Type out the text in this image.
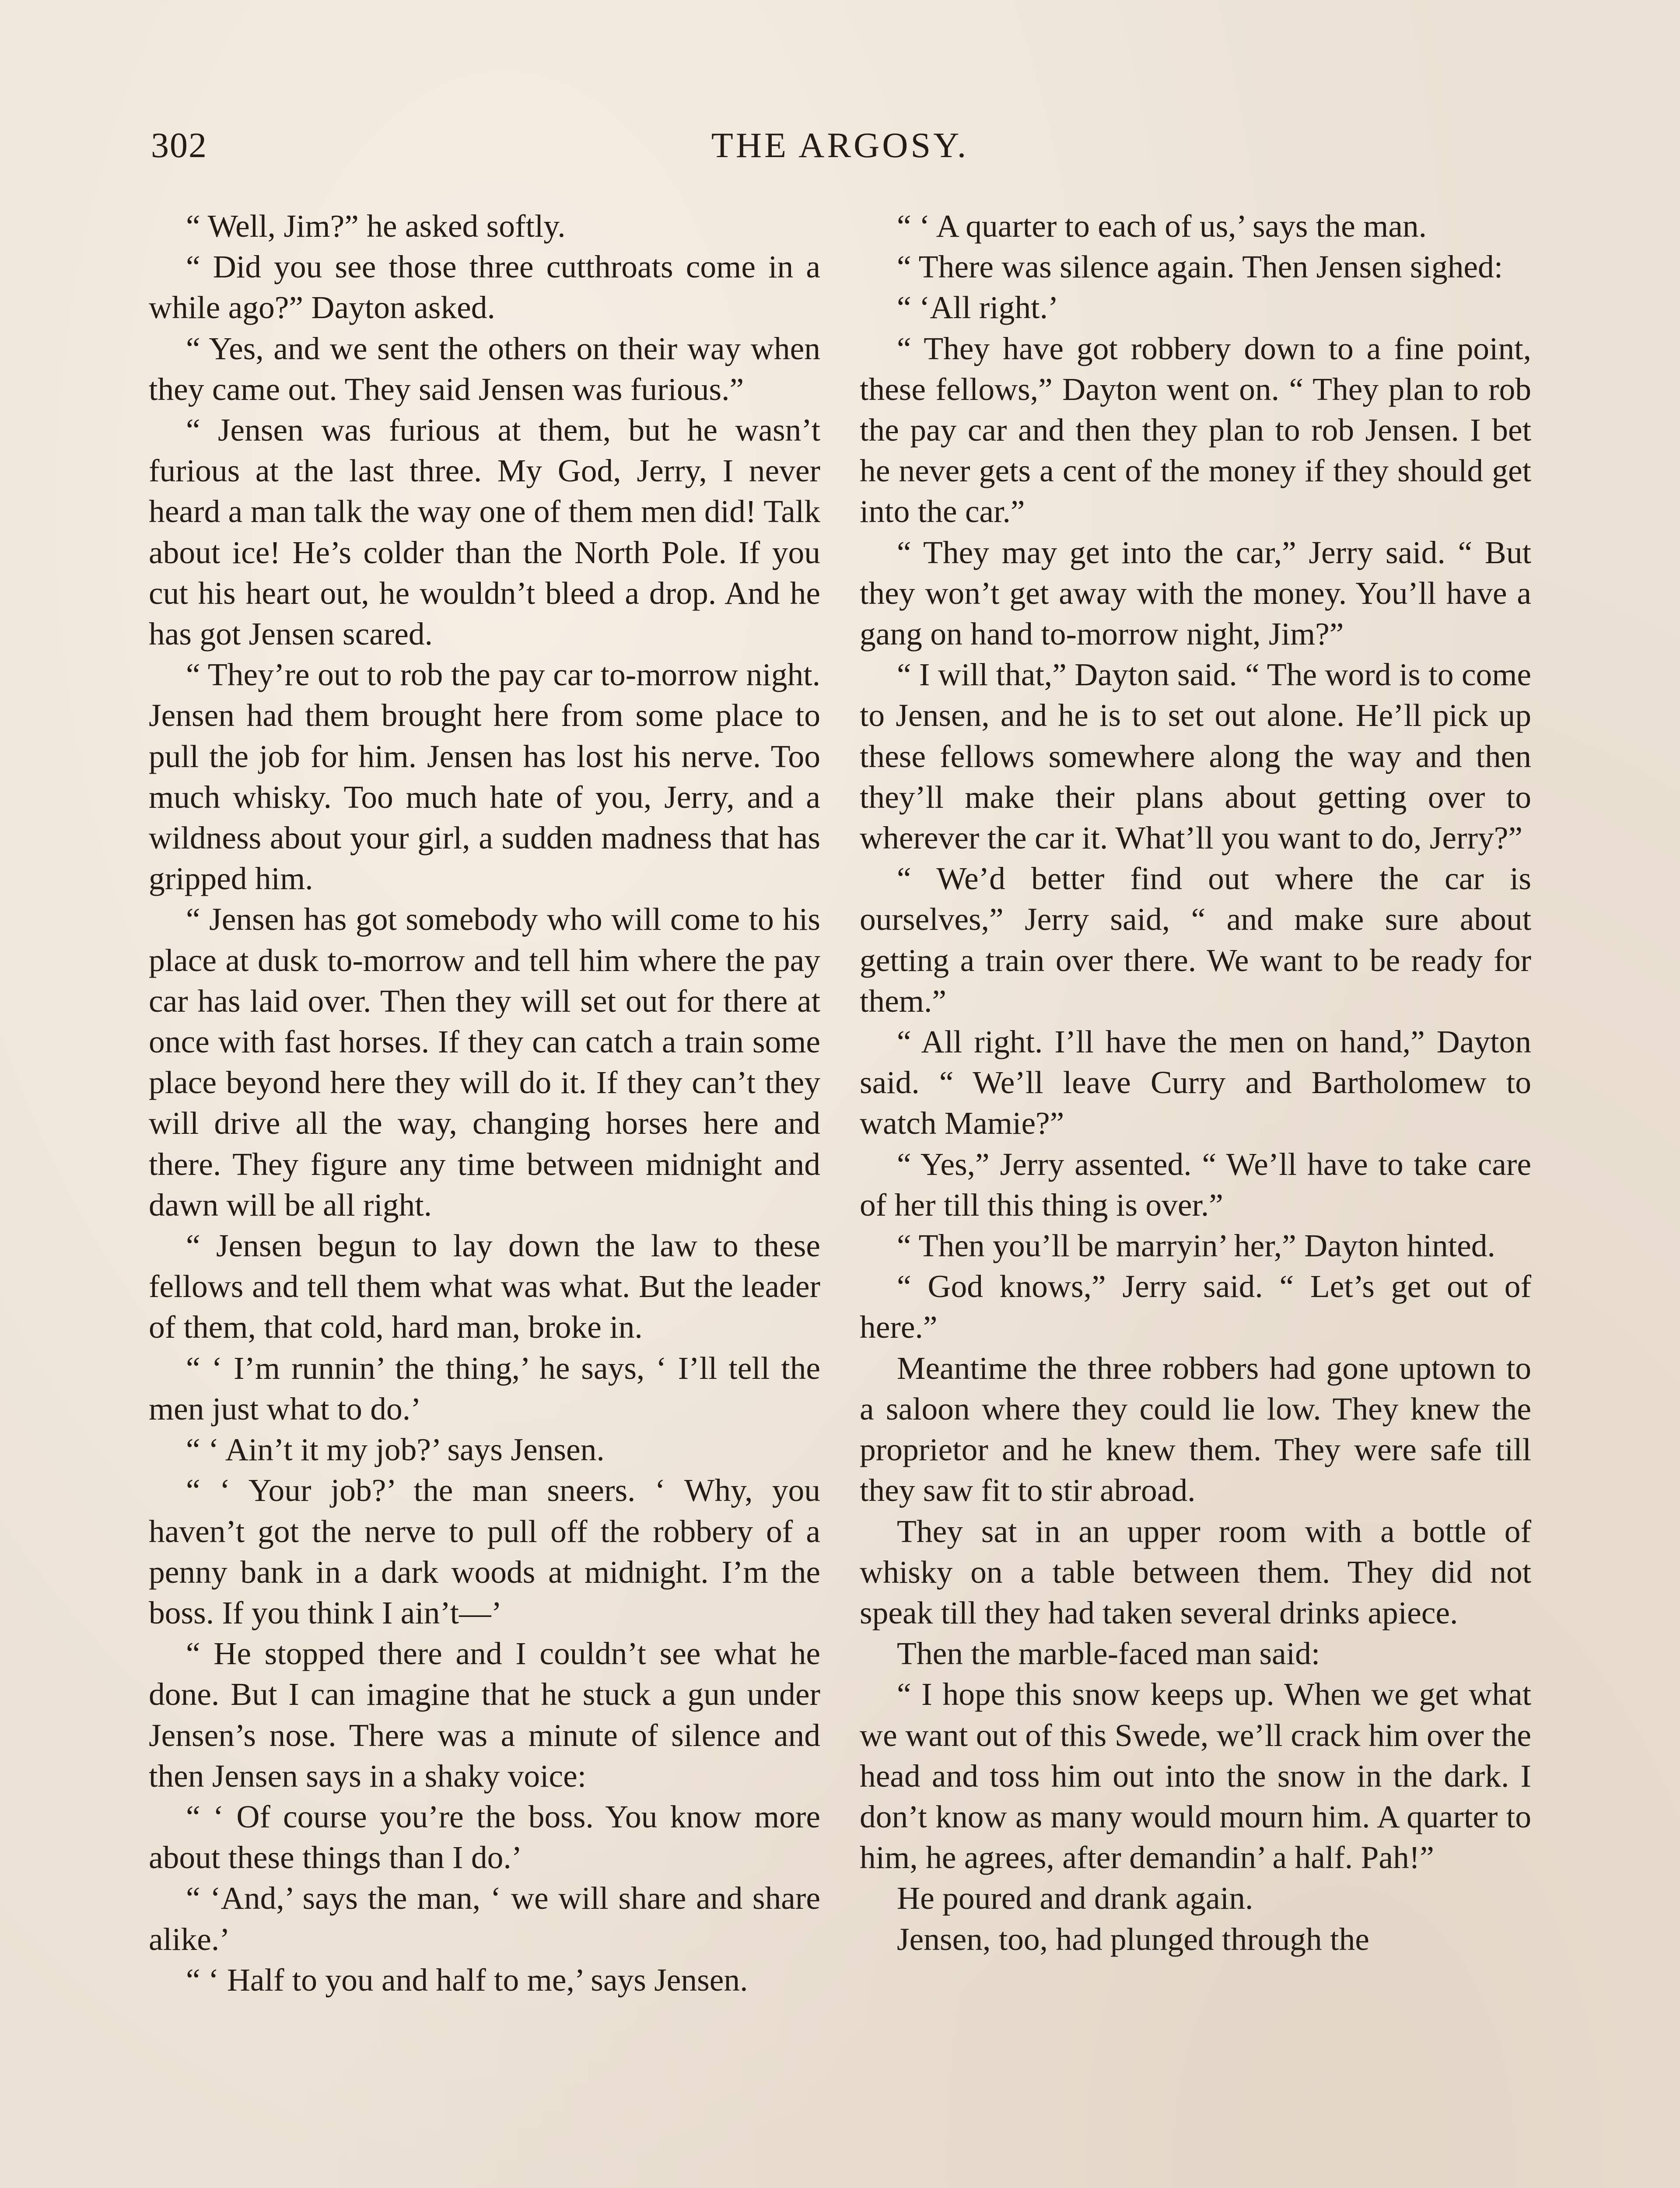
302	THE ARGOSY.

“ Well, Jim?” he asked softly.

“ Did you see those three cutthroats come in a while ago?” Dayton asked.

“ Yes, and we sent the others on their way when they came out. They said Jensen was furious.”

“ Jensen was furious at them, but he wasn’t furious at the last three. My God, Jerry, I never heard a man talk the way one of them men did! Talk about ice! He’s colder than the North Pole. If you cut his heart out, he wouldn’t bleed a drop. And he has got Jensen scared.

“ They’re out to rob the pay car to-morrow night. Jensen had them brought here from some place to pull the job for him. Jensen has lost his nerve. Too much whisky. Too much hate of you, Jerry, and a wildness about your girl, a sudden madness that has gripped him.

“ Jensen has got somebody who will come to his place at dusk to-morrow and tell him where the pay car has laid over. Then they will set out for there at once with fast horses. If they can catch a train some place beyond here they will do it. If they can’t they will drive all the way, changing horses here and there. They figure any time between midnight and dawn will be all right.

“ Jensen begun to lay down the law to these fellows and tell them what was what. But the leader of them, that cold, hard man, broke in.

“ ‘ I’m runnin’ the thing,’ he says, ‘ I’ll tell the men just what to do.’

“ ‘ Ain’t it my job?’ says Jensen.

“ ‘ Your job?’ the man sneers. ‘ Why, you haven’t got the nerve to pull off the robbery of a penny bank in a dark woods at midnight. I’m the boss. If you think I ain’t—’

“ He stopped there and I couldn’t see what he done. But I can imagine that he stuck a gun under Jensen’s nose. There was a minute of silence and then Jensen says in a shaky voice:

“ ‘ Of course you’re the boss. You know more about these things than I do.’

“ ‘And,’ says the man, ‘ we will share and share alike.’

“ ‘ Half to you and half to me,’ says Jensen.

“ ‘ A quarter to each of us,’ says the man.

“ There was silence again. Then Jensen sighed:

“ ‘All right.’

“ They have got robbery down to a fine point, these fellows,” Dayton went on. “ They plan to rob the pay car and then they plan to rob Jensen. I bet he never gets a cent of the money if they should get into the car.”

“ They may get into the car,” Jerry said. “ But they won’t get away with the money. You’ll have a gang on hand to-morrow night, Jim?”

“ I will that,” Dayton said. “ The word is to come to Jensen, and he is to set out alone. He’ll pick up these fellows somewhere along the way and then they’ll make their plans about getting over to wherever the car it. What’ll you want to do, Jerry?”

“ We’d better find out where the car is ourselves,” Jerry said, “ and make sure about getting a train over there. We want to be ready for them.”

“ All right. I’ll have the men on hand,” Dayton said. “ We’ll leave Curry and Bartholomew to watch Mamie?”

“ Yes,” Jerry assented. “ We’ll have to take care of her till this thing is over.”

“ Then you’ll be marryin’ her,” Dayton hinted.

“ God knows,” Jerry said. “ Let’s get out of here.”

Meantime the three robbers had gone uptown to a saloon where they could lie low. They knew the proprietor and he knew them. They were safe till they saw fit to stir abroad.

They sat in an upper room with a bottle of whisky on a table between them. They did not speak till they had taken several drinks apiece.

Then the marble-faced man said:

“ I hope this snow keeps up. When we get what we want out of this Swede, we’ll crack him over the head and toss him out into the snow in the dark. I don’t know as many would mourn him. A quarter to him, he agrees, after demandin’ a half. Pah!”

He poured and drank again.

Jensen, too, had plunged through the
